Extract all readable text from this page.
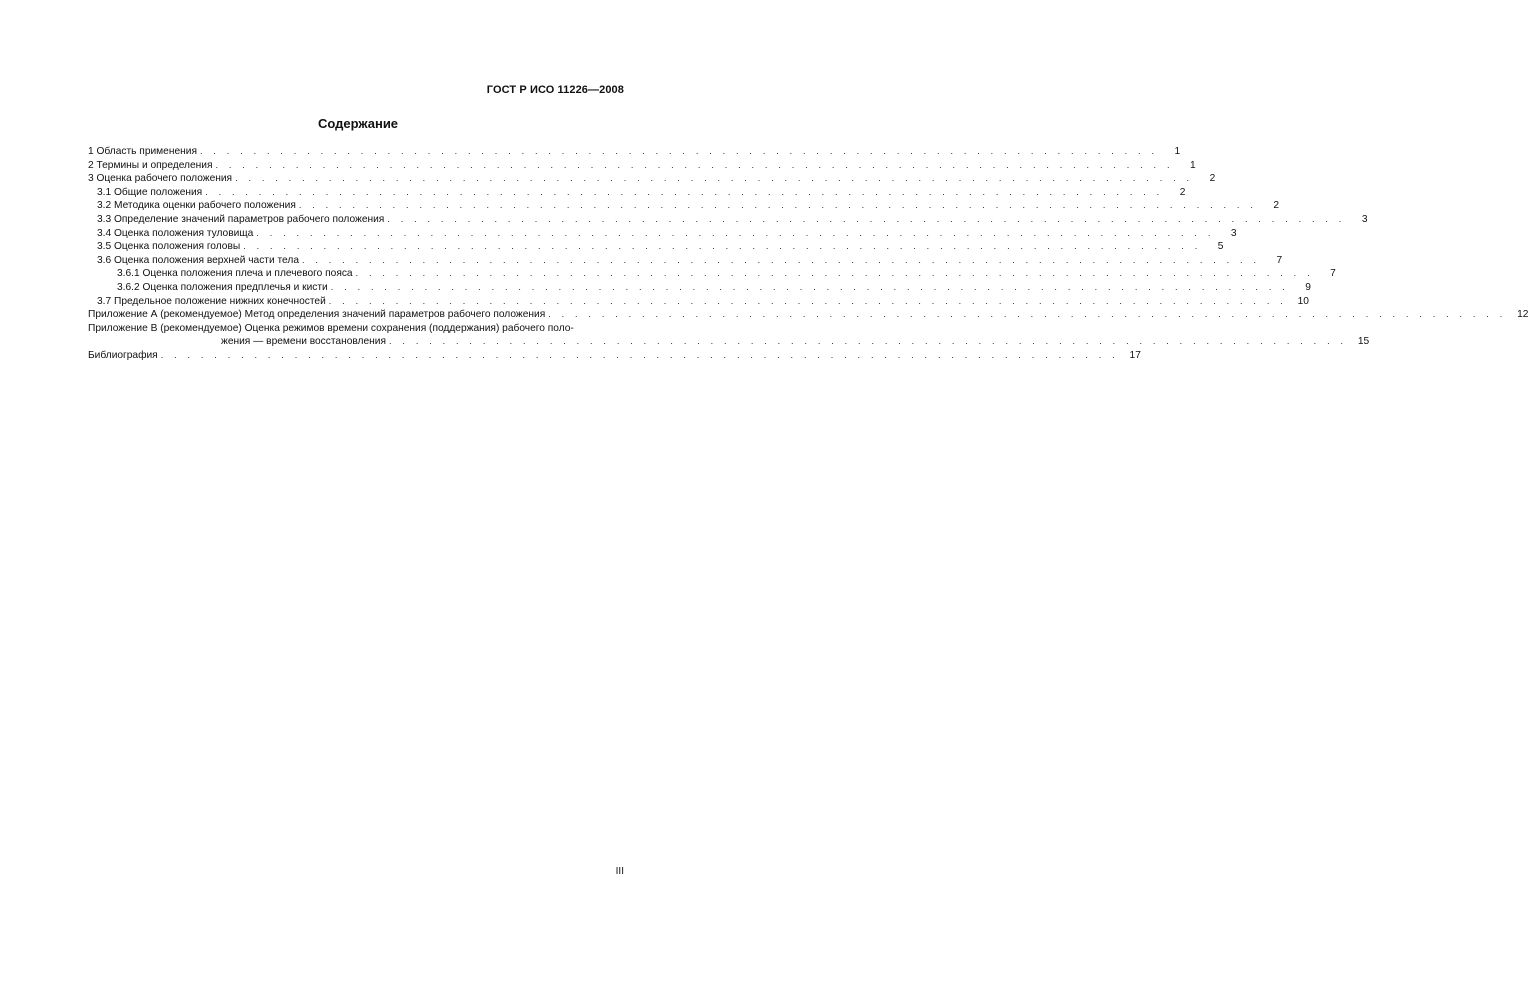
ГОСТ Р ИСО 11226—2008
Содержание
1 Область применения . . . . . . . . . . . . . . . . . . . . . . . . . . . . . . . . . . . . . . . . . . . . . . . . . . . . . . . . . . . . . . . . . . . . . . . .	1
2 Термины и определения . . . . . . . . . . . . . . . . . . . . . . . . . . . . . . . . . . . . . . . . . . . . . . . . . . . . . . . . . . . . . . . . . . . . . . . .	1
3 Оценка рабочего положения . . . . . . . . . . . . . . . . . . . . . . . . . . . . . . . . . . . . . . . . . . . . . . . . . . . . . . . . . . . . . . . . . . . . . . . .	2
3.1 Общие положения . . . . . . . . . . . . . . . . . . . . . . . . . . . . . . . . . . . . . . . . . . . . . . . . . . . . . . . . . . . . . . . . . . . . . . . .	2
3.2 Методика оценки рабочего положения . . . . . . . . . . . . . . . . . . . . . . . . . . . . . . . . . . . . . . . . . . . . . . . . . . . . . . . . . . . . . . . . . . . . . . . .	2
3.3 Определение значений параметров рабочего положения . . . . . . . . . . . . . . . . . . . . . . . . . . . . . . . . . . . . . . . . . . . . . . . . . . . . . . . . . . . . . . . . . . . . . . . .	3
3.4 Оценка положения туловища . . . . . . . . . . . . . . . . . . . . . . . . . . . . . . . . . . . . . . . . . . . . . . . . . . . . . . . . . . . . . . . . . . . . . . . .	3
3.5 Оценка положения головы . . . . . . . . . . . . . . . . . . . . . . . . . . . . . . . . . . . . . . . . . . . . . . . . . . . . . . . . . . . . . . . . . . . . . . . .	5
3.6 Оценка положения верхней части тела . . . . . . . . . . . . . . . . . . . . . . . . . . . . . . . . . . . . . . . . . . . . . . . . . . . . . . . . . . . . . . . . . . . . . . . .	7
3.6.1 Оценка положения плеча и плечевого пояса . . . . . . . . . . . . . . . . . . . . . . . . . . . . . . . . . . . . . . . . . . . . . . . . . . . . . . . . . . . . . . . . . . . . . . . .	7
3.6.2 Оценка положения предплечья и кисти . . . . . . . . . . . . . . . . . . . . . . . . . . . . . . . . . . . . . . . . . . . . . . . . . . . . . . . . . . . . . . . . . . . . . . . .	9
3.7 Предельное положение нижних конечностей . . . . . . . . . . . . . . . . . . . . . . . . . . . . . . . . . . . . . . . . . . . . . . . . . . . . . . . . . . . . . . . . . . . . . . . .	10
Приложение А (рекомендуемое) Метод определения значений параметров рабочего положения . . . . . . . . . . . . . . . . . . . . . . . . . . . . . . . . . . . . . . . . . . . . . . . . . . . . . . . . . . . . . . . . . . . . . . . .	12
Приложение В (рекомендуемое) Оценка режимов времени сохранения (поддержания) рабочего поло-
жения — времени восстановления . . . . . . . . . . . . . . . . . . . . . . . . . . . . . . . . . . . . . . . . . . . . . . . . . . . . . . . . . . . . . . . . . . . . . . . .	15
Библиография . . . . . . . . . . . . . . . . . . . . . . . . . . . . . . . . . . . . . . . . . . . . . . . . . . . . . . . . . . . . . . . . . . . . . . . .	17
III
